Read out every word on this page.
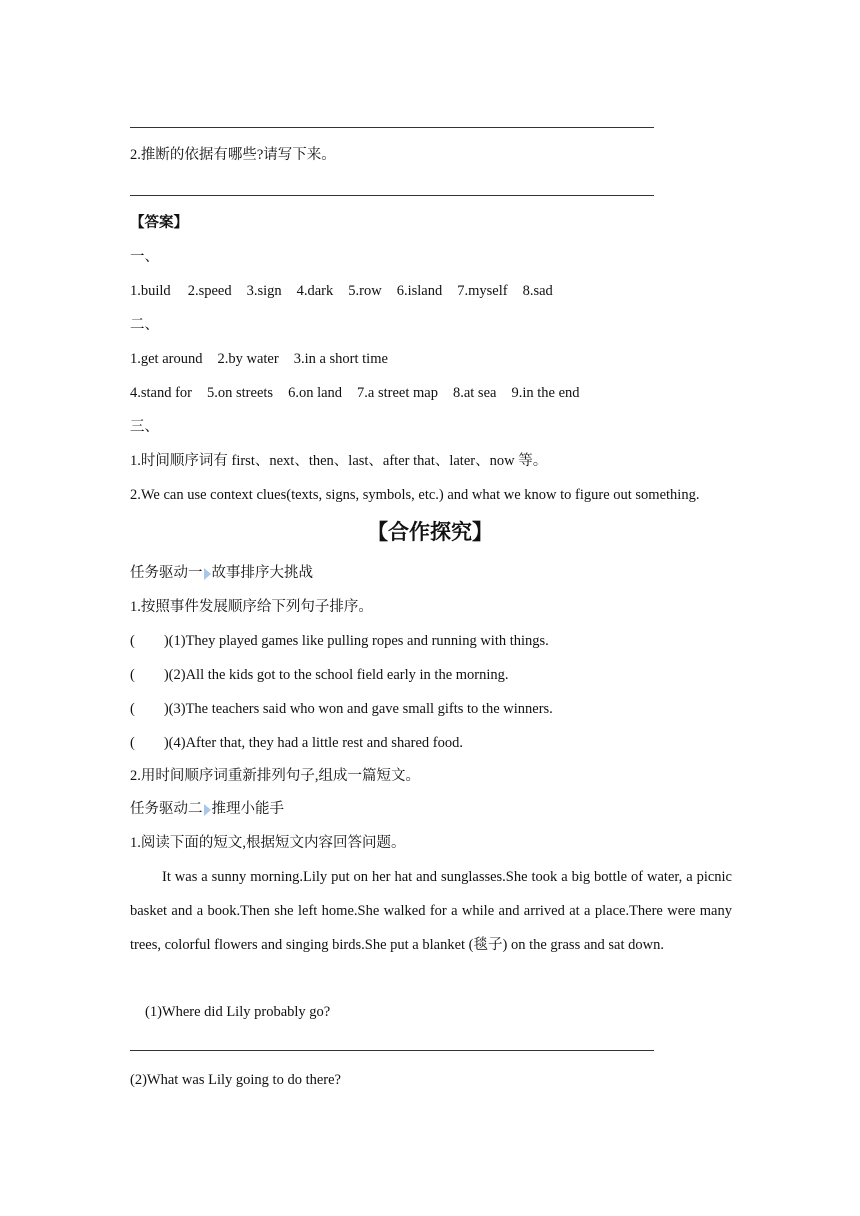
2.推断的依据有哪些?请写下来。
【答案】
一、
1.build 2.speed 3.sign 4.dark 5.row 6.island 7.myself 8.sad
二、
1.get around 2.by water 3.in a short time
4.stand for 5.on streets 6.on land 7.a street map 8.at sea 9.in the end
三、
1.时间顺序词有 first、next、then、last、after that、later、now 等。
2.We can use context clues(texts, signs, symbols, etc.) and what we know to figure out something.
【合作探究】
任务驱动一 故事排序大挑战
1.按照事件发展顺序给下列句子排序。
(        )(1)They played games like pulling ropes and running with things.
(        )(2)All the kids got to the school field early in the morning.
(        )(3)The teachers said who won and gave small gifts to the winners.
(        )(4)After that, they had a little rest and shared food.
2.用时间顺序词重新排列句子,组成一篇短文。
任务驱动二 推理小能手
1.阅读下面的短文,根据短文内容回答问题。
It was a sunny morning.Lily put on her hat and sunglasses.She took a big bottle of water, a picnic basket and a book.Then she left home.She walked for a while and arrived at a place.There were many trees, colorful flowers and singing birds.She put a blanket (毯子) on the grass and sat down.
(1)Where did Lily probably go?
(2)What was Lily going to do there?
